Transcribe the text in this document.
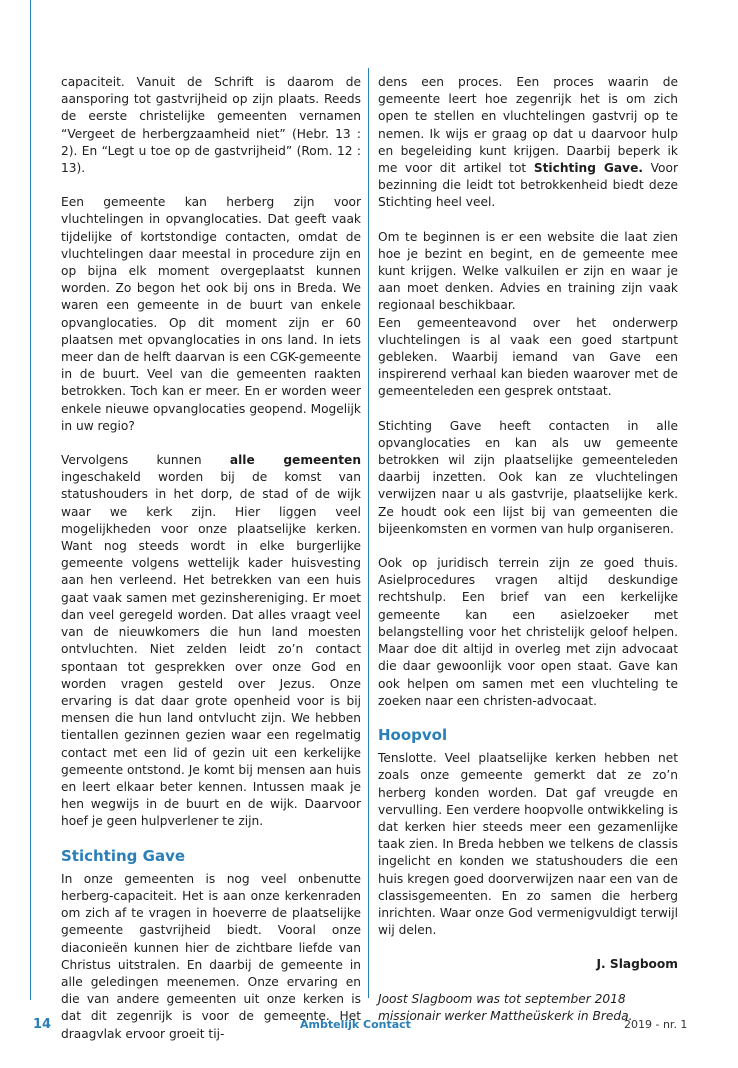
capaciteit. Vanuit de Schrift is daarom de aansporing tot gastvrijheid op zijn plaats. Reeds de eerste christelijke gemeenten vernamen “Vergeet de herbergzaamheid niet” (Hebr. 13 : 2). En “Legt u toe op de gastvrijheid” (Rom. 12 : 13).

Een gemeente kan herberg zijn voor vluchtelingen in opvanglocaties. Dat geeft vaak tijdelijke of kortstondige contacten, omdat de vluchtelingen daar meestal in procedure zijn en op bijna elk moment overgeplaatst kunnen worden. Zo begon het ook bij ons in Breda. We waren een gemeente in de buurt van enkele opvanglocaties. Op dit moment zijn er 60 plaatsen met opvanglocaties in ons land. In iets meer dan de helft daarvan is een CGK-gemeente in de buurt. Veel van die gemeenten raakten betrokken. Toch kan er meer. En er worden weer enkele nieuwe opvanglocaties geopend. Mogelijk in uw regio?

Vervolgens kunnen alle gemeenten ingeschakeld worden bij de komst van statushouders in het dorp, de stad of de wijk waar we kerk zijn. Hier liggen veel mogelijkheden voor onze plaatselijke kerken. Want nog steeds wordt in elke burgerlijke gemeente volgens wettelijk kader huisvesting aan hen verleend. Het betrekken van een huis gaat vaak samen met gezinshereniging. Er moet dan veel geregeld worden. Dat alles vraagt veel van de nieuwkomers die hun land moesten ontvluchten. Niet zelden leidt zo’n contact spontaan tot gesprekken over onze God en worden vragen gesteld over Jezus. Onze ervaring is dat daar grote openheid voor is bij mensen die hun land ontvlucht zijn. We hebben tientallen gezinnen gezien waar een regelmatig contact met een lid of gezin uit een kerkelijke gemeente ontstond. Je komt bij mensen aan huis en leert elkaar beter kennen. Intussen maak je hen wegwijs in de buurt en de wijk. Daarvoor hoef je geen hulpverlener te zijn.

Stichting Gave

In onze gemeenten is nog veel onbenutte herberg-capaciteit. Het is aan onze kerkenraden om zich af te vragen in hoeverre de plaatselijke gemeente gastvrijheid biedt. Vooral onze diaconieën kunnen hier de zichtbare liefde van Christus uitstralen. En daarbij de gemeente in alle geledingen meenemen. Onze ervaring en die van andere gemeenten uit onze kerken is dat dit zegenrijk is voor de gemeente. Het draagvlak ervoor groeit tij-

dens een proces. Een proces waarin de gemeente leert hoe zegenrijk het is om zich open te stellen en vluchtelingen gastvrij op te nemen. Ik wijs er graag op dat u daarvoor hulp en begeleiding kunt krijgen. Daarbij beperk ik me voor dit artikel tot Stichting Gave. Voor bezinning die leidt tot betrokkenheid biedt deze Stichting heel veel.

Om te beginnen is er een website die laat zien hoe je bezint en begint, en de gemeente mee kunt krijgen. Welke valkuilen er zijn en waar je aan moet denken. Advies en training zijn vaak regionaal beschikbaar.

Een gemeenteavond over het onderwerp vluchtelingen is al vaak een goed startpunt gebleken. Waarbij iemand van Gave een inspirerend verhaal kan bieden waarover met de gemeenteleden een gesprek ontstaat.

Stichting Gave heeft contacten in alle opvanglocaties en kan als uw gemeente betrokken wil zijn plaatselijke gemeenteleden daarbij inzetten. Ook kan ze vluchtelingen verwijzen naar u als gastvrije, plaatselijke kerk. Ze houdt ook een lijst bij van gemeenten die bijeenkomsten en vormen van hulp organiseren.

Ook op juridisch terrein zijn ze goed thuis. Asielprocedures vragen altijd deskundige rechtshulp. Een brief van een kerkelijke gemeente kan een asielzoeker met belangstelling voor het christelijk geloof helpen. Maar doe dit altijd in overleg met zijn advocaat die daar gewoonlijk voor open staat. Gave kan ook helpen om samen met een vluchteling te zoeken naar een christen-advocaat.

Hoopvol

Tenslotte. Veel plaatselijke kerken hebben net zoals onze gemeente gemerkt dat ze zo’n herberg konden worden. Dat gaf vreugde en vervulling. Een verdere hoopvolle ontwikkeling is dat kerken hier steeds meer een gezamenlijke taak zien. In Breda hebben we telkens de classis ingelicht en konden we statushouders die een huis kregen goed doorverwijzen naar een van de classisgemeenten. En zo samen die herberg inrichten. Waar onze God vermenigvuldigt terwijl wij delen.

J. Slagboom

Joost Slagboom was tot september 2018 missionair werker Mattheüskerk in Breda.

14	Ambtelijk Contact	2019 - nr. 1
